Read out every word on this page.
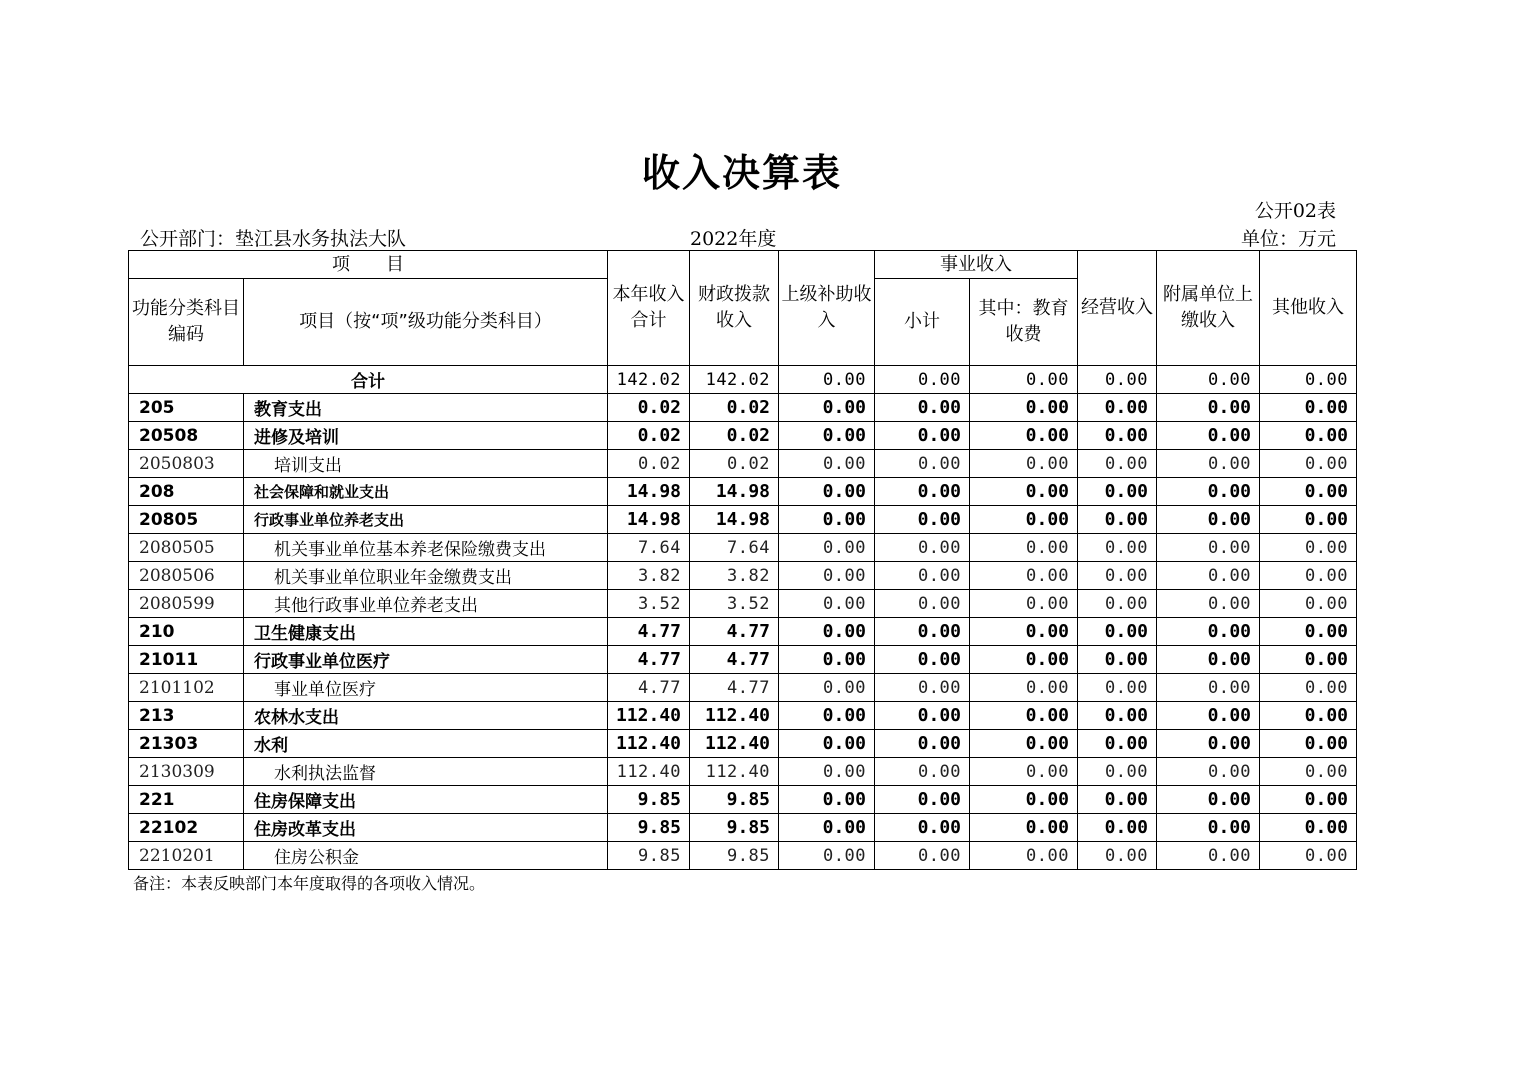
收入决算表
公开02表
公开部门：垫江县水务执法大队	2022年度	单位：万元
项　　目		本年收入合计	财政拨款收入	上级补助收入	事业收入		经营收入	附属单位上缴收入	其他收入
功能分类科目编码	项目（按“项”级功能分类科目）				小计	其中：教育收费			
合计		142.02	142.02	0.00	0.00	0.00	0.00	0.00	0.00
205	教育支出	0.02	0.02	0.00	0.00	0.00	0.00	0.00	0.00
20508	进修及培训	0.02	0.02	0.00	0.00	0.00	0.00	0.00	0.00
2050803	培训支出	0.02	0.02	0.00	0.00	0.00	0.00	0.00	0.00
208	社会保障和就业支出	14.98	14.98	0.00	0.00	0.00	0.00	0.00	0.00
20805	行政事业单位养老支出	14.98	14.98	0.00	0.00	0.00	0.00	0.00	0.00
2080505	机关事业单位基本养老保险缴费支出	7.64	7.64	0.00	0.00	0.00	0.00	0.00	0.00
2080506	机关事业单位职业年金缴费支出	3.82	3.82	0.00	0.00	0.00	0.00	0.00	0.00
2080599	其他行政事业单位养老支出	3.52	3.52	0.00	0.00	0.00	0.00	0.00	0.00
210	卫生健康支出	4.77	4.77	0.00	0.00	0.00	0.00	0.00	0.00
21011	行政事业单位医疗	4.77	4.77	0.00	0.00	0.00	0.00	0.00	0.00
2101102	事业单位医疗	4.77	4.77	0.00	0.00	0.00	0.00	0.00	0.00
213	农林水支出	112.40	112.40	0.00	0.00	0.00	0.00	0.00	0.00
21303	水利	112.40	112.40	0.00	0.00	0.00	0.00	0.00	0.00
2130309	水利执法监督	112.40	112.40	0.00	0.00	0.00	0.00	0.00	0.00
221	住房保障支出	9.85	9.85	0.00	0.00	0.00	0.00	0.00	0.00
22102	住房改革支出	9.85	9.85	0.00	0.00	0.00	0.00	0.00	0.00
2210201	住房公积金	9.85	9.85	0.00	0.00	0.00	0.00	0.00	0.00
备注：本表反映部门本年度取得的各项收入情况。
